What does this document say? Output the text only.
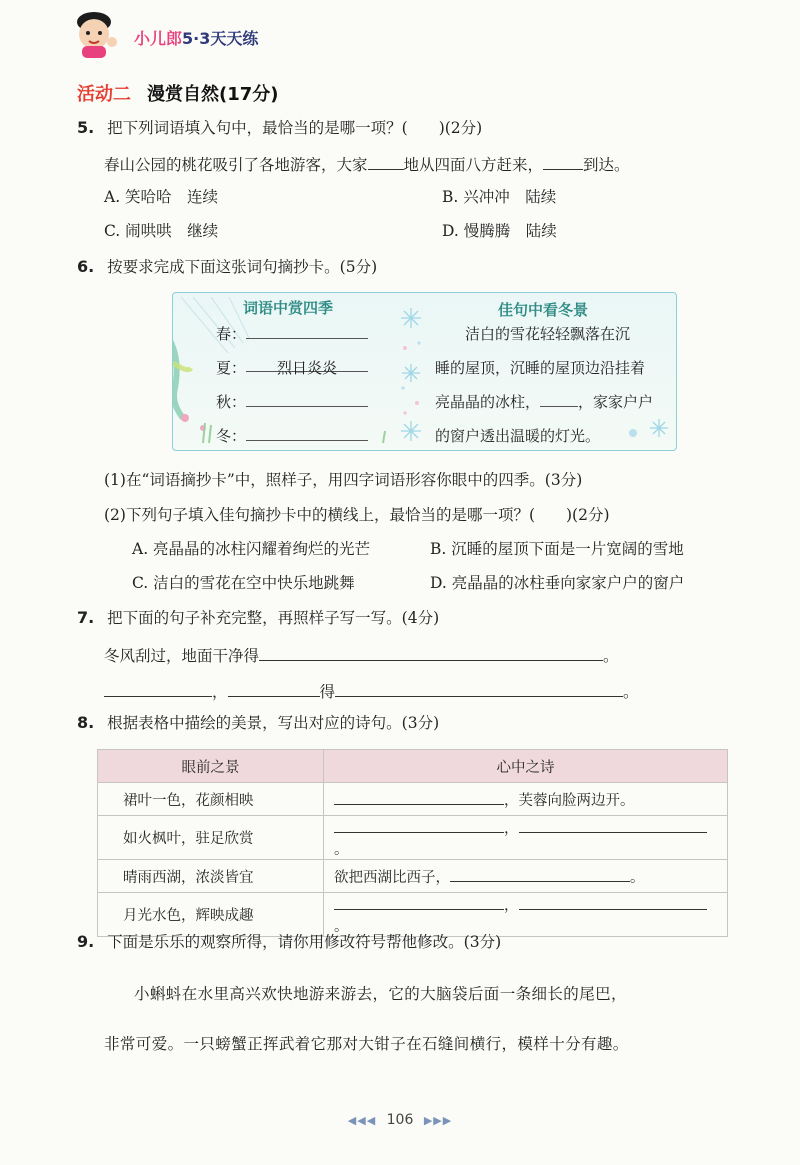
小儿郎5·3天天练
活动二 漫赏自然(17分)
5. 把下列词语填入句中，最恰当的是哪一项？(　　)(2分)
春山公园的桃花吸引了各地游客，大家 地从四面八方赶来，	到达。
A. 笑哈哈　连续	B. 兴冲冲　陆续
C. 闹哄哄　继续	D. 慢腾腾　陆续
6. 按要求完成下面这张词句摘抄卡。(5分)
词语中赏四季	佳句中看冬景
春：
夏： 烈日炎炎
秋：
冬：
洁白的雪花轻轻飘落在沉
睡的屋顶，沉睡的屋顶边沿挂着
亮晶晶的冰柱，	，家家户户
的窗户透出温暖的灯光。
(1)在“词语摘抄卡”中，照样子，用四字词语形容你眼中的四季。(3分)
(2)下列句子填入佳句摘抄卡中的横线上，最恰当的是哪一项？(　　)(2分)
A. 亮晶晶的冰柱闪耀着绚烂的光芒	B. 沉睡的屋顶下面是一片宽阔的雪地
C. 洁白的雪花在空中快乐地跳舞	D. 亮晶晶的冰柱垂向家家户户的窗户
7. 把下面的句子补充完整，再照样子写一写。(4分)
冬风刮过，地面干净得	。
，	得	。
8. 根据表格中描绘的美景，写出对应的诗句。(3分)
眼前之景	心中之诗
裙叶一色，花颜相映	，芙蓉向脸两边开。
如火枫叶，驻足欣赏	，。
晴雨西湖，浓淡皆宜	欲把西湖比西子， 。
月光水色，辉映成趣	，。
9. 下面是乐乐的观察所得，请你用修改符号帮他修改。(3分)
小蝌蚪在水里高兴欢快地游来游去，它的大脑袋后面一条细长的尾巴，
非常可爱。一只螃蟹正挥武着它那对大钳子在石缝间横行，模样十分有趣。
◀◀◀ 106 ▶▶▶
